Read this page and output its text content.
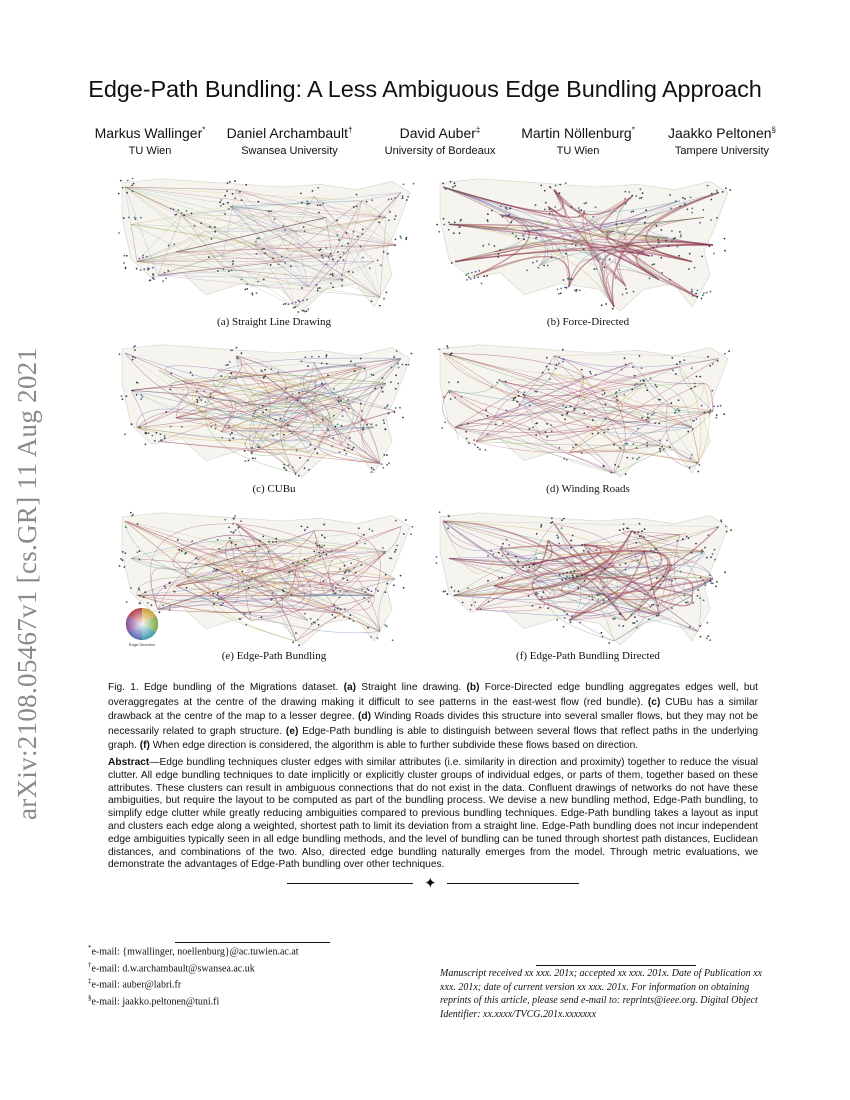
arXiv:2108.05467v1 [cs.GR] 11 Aug 2021
Edge-Path Bundling: A Less Ambiguous Edge Bundling Approach
Markus Wallinger*
TU Wien
Daniel Archambault†
Swansea University
David Auber‡
University of Bordeaux
Martin Nöllenburg*
TU Wien
Jaakko Peltonen§
Tampere University
(a) Straight Line Drawing	(b) Force-Directed
(c) CUBu	(d) Winding Roads
(e) Edge-Path Bundling	(f) Edge-Path Bundling Directed
Edge Direction
Fig. 1. Edge bundling of the Migrations dataset. (a) Straight line drawing. (b) Force-Directed edge bundling aggregates edges well, but overaggregates at the centre of the drawing making it difficult to see patterns in the east-west flow (red bundle). (c) CUBu has a similar drawback at the centre of the map to a lesser degree. (d) Winding Roads divides this structure into several smaller flows, but they may not be necessarily related to graph structure. (e) Edge-Path bundling is able to distinguish between several flows that reflect paths in the underlying graph. (f) When edge direction is considered, the algorithm is able to further subdivide these flows based on direction.
Abstract—Edge bundling techniques cluster edges with similar attributes (i.e. similarity in direction and proximity) together to reduce the visual clutter. All edge bundling techniques to date implicitly or explicitly cluster groups of individual edges, or parts of them, together based on these attributes. These clusters can result in ambiguous connections that do not exist in the data. Confluent drawings of networks do not have these ambiguities, but require the layout to be computed as part of the bundling process. We devise a new bundling method, Edge-Path bundling, to simplify edge clutter while greatly reducing ambiguities compared to previous bundling techniques. Edge-Path bundling takes a layout as input and clusters each edge along a weighted, shortest path to limit its deviation from a straight line. Edge-Path bundling does not incur independent edge ambiguities typically seen in all edge bundling methods, and the level of bundling can be tuned through shortest path distances, Euclidean distances, and combinations of the two. Also, directed edge bundling naturally emerges from the model. Through metric evaluations, we demonstrate the advantages of Edge-Path bundling over other techniques.
✦
*e-mail: {mwallinger, noellenburg}@ac.tuwien.ac.at
†e-mail: d.w.archambault@swansea.ac.uk
‡e-mail: auber@labri.fr
§e-mail: jaakko.peltonen@tuni.fi
Manuscript received xx xxx. 201x; accepted xx xxx. 201x. Date of Publication xx xxx. 201x; date of current version xx xxx. 201x. For information on obtaining reprints of this article, please send e-mail to: reprints@ieee.org. Digital Object Identifier: xx.xxxx/TVCG.201x.xxxxxxx
